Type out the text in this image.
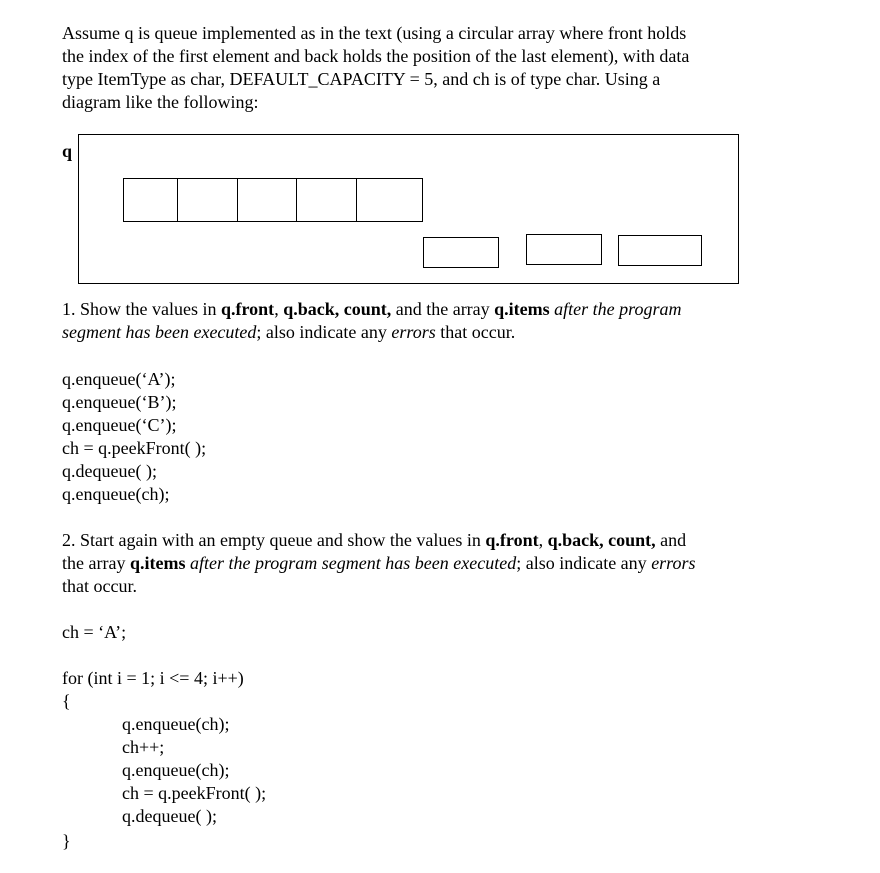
Assume q is queue implemented as in the text (using a circular array where front holds
the index of the first element and back holds the position of the last element), with data
type ItemType as char, DEFAULT_CAPACITY = 5, and ch is of type char. Using a
diagram like the following:
q
1. Show the values in q.front, q.back, count, and the array q.items after the program
segment has been executed; also indicate any errors that occur.
q.enqueue(‘A’);
q.enqueue(‘B’);
q.enqueue(‘C’);
ch = q.peekFront( );
q.dequeue( );
q.enqueue(ch);
2. Start again with an empty queue and show the values in q.front, q.back, count, and
the array q.items after the program segment has been executed; also indicate any errors
that occur.
ch = ‘A’;
for (int i = 1; i <= 4; i++)
{
q.enqueue(ch);
ch++;
q.enqueue(ch);
ch = q.peekFront( );
q.dequeue( );
}
